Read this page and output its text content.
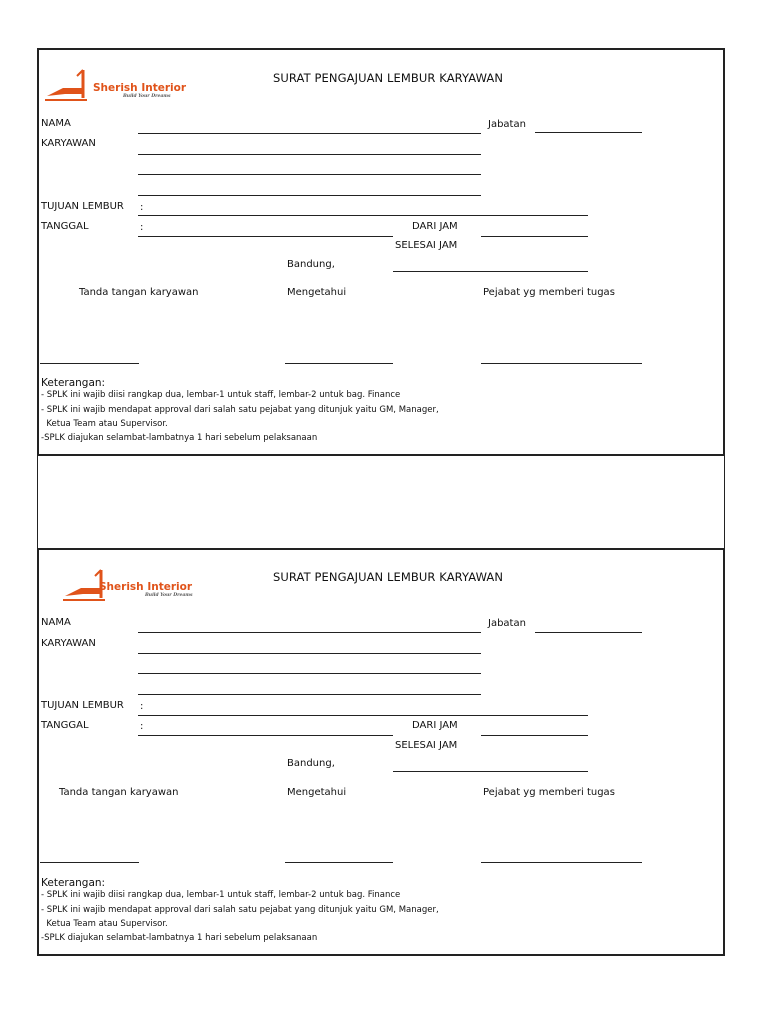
Sherish Interior
Build Your Dreams
SURAT PENGAJUAN LEMBUR KARYAWAN
NAMA
KARYAWAN
Jabatan
TUJUAN LEMBUR :
TANGGAL	:	DARI JAM
SELESAI JAM
Bandung,
Tanda tangan karyawan	Mengetahui	Pejabat yg memberi tugas
Keterangan:
- SPLK ini wajib diisi rangkap dua, lembar-1 untuk staff, lembar-2 untuk bag. Finance
- SPLK ini wajib mendapat approval dari salah satu pejabat yang ditunjuk yaitu GM, Manager,
Ketua Team atau Supervisor.
-SPLK diajukan selambat-lambatnya 1 hari sebelum pelaksanaan
Sherish Interior
Build Your Dreams
SURAT PENGAJUAN LEMBUR KARYAWAN
NAMA
KARYAWAN
Jabatan
TUJUAN LEMBUR :
TANGGAL	:	DARI JAM
SELESAI JAM
Bandung,
Tanda tangan karyawan	Mengetahui	Pejabat yg memberi tugas
Keterangan:
- SPLK ini wajib diisi rangkap dua, lembar-1 untuk staff, lembar-2 untuk bag. Finance
- SPLK ini wajib mendapat approval dari salah satu pejabat yang ditunjuk yaitu GM, Manager,
Ketua Team atau Supervisor.
-SPLK diajukan selambat-lambatnya 1 hari sebelum pelaksanaan
